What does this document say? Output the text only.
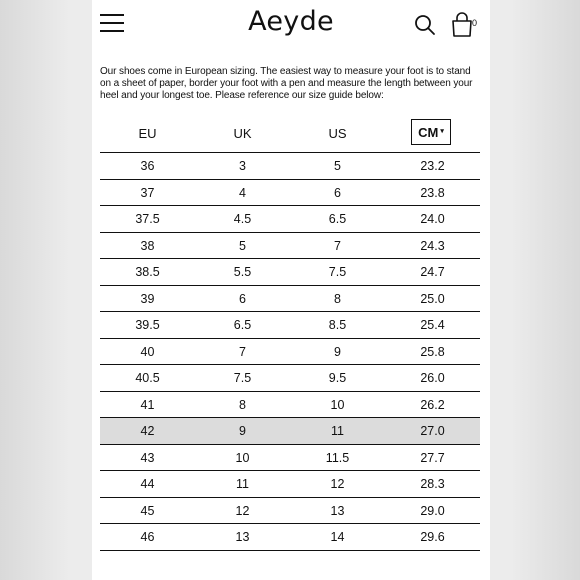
Aeyde	0
Our shoes come in European sizing. The easiest way to measure your foot is to stand on a sheet of paper, border your foot with a pen and measure the length between your heel and your longest toe. Please reference our size guide below:
EU	UK	US	CM ▾
36	3	5	23.2
37	4	6	23.8
37.5	4.5	6.5	24.0
38	5	7	24.3
38.5	5.5	7.5	24.7
39	6	8	25.0
39.5	6.5	8.5	25.4
40	7	9	25.8
40.5	7.5	9.5	26.0
41	8	10	26.2
42	9	11	27.0
43	10	11.5	27.7
44	11	12	28.3
45	12	13	29.0
46	13	14	29.6
